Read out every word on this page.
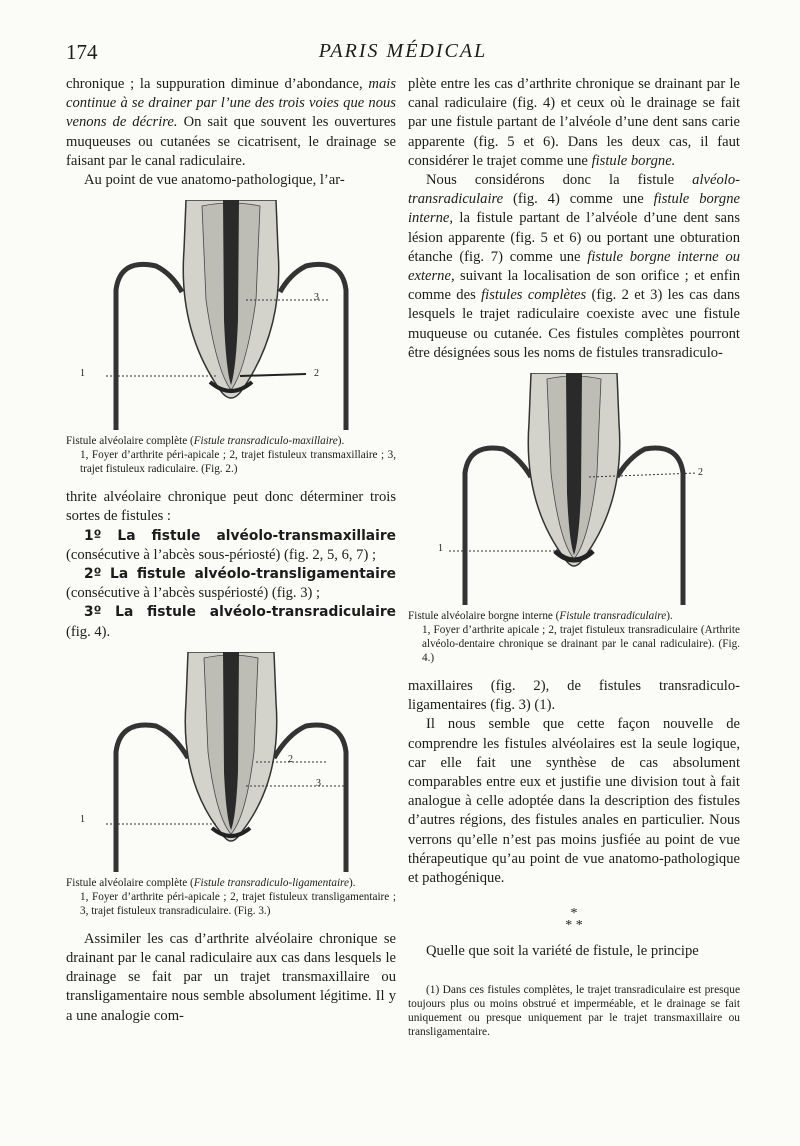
174	PARIS MÉDICAL

chronique ; la suppuration diminue d’abondance, mais continue à se drainer par l’une des trois voies que nous venons de décrire. On sait que souvent les ouvertures muqueuses ou cutanées se cicatrisent, le drainage se faisant par le canal radiculaire.

Au point de vue anatomo-pathologique, l’ar-

1	2
3
Fistule alvéolaire complète (Fistule transradiculo-maxillaire).
1, Foyer d’arthrite péri-apicale ; 2, trajet fistuleux transmaxillaire ; 3, trajet fistuleux radiculaire. (Fig. 2.)

thrite alvéolaire chronique peut donc déterminer trois sortes de fistules :

1º La fistule alvéolo-transmaxillaire (consécutive à l’abcès sous-périosté) (fig. 2, 5, 6, 7) ;

2º La fistule alvéolo-transligamentaire (consécutive à l’abcès suspériosté) (fig. 3) ;

3º La fistule alvéolo-transradiculaire (fig. 4).

1
2
3
Fistule alvéolaire complète (Fistule transradiculo-ligamentaire).
1, Foyer d’arthrite péri-apicale ; 2, trajet fistuleux transligamentaire ; 3, trajet fistuleux transradiculaire. (Fig. 3.)

Assimiler les cas d’arthrite alvéolaire chronique se drainant par le canal radiculaire aux cas dans lesquels le drainage se fait par un trajet transmaxillaire ou transligamentaire nous semble absolument légitime. Il y a une analogie com-

plète entre les cas d’arthrite chronique se drainant par le canal radiculaire (fig. 4) et ceux où le drainage se fait par une fistule partant de l’alvéole d’une dent sans carie apparente (fig. 5 et 6). Dans les deux cas, il faut considérer le trajet comme une fistule borgne.

Nous considérons donc la fistule alvéolo-transradiculaire (fig. 4) comme une fistule borgne interne, la fistule partant de l’alvéole d’une dent sans lésion apparente (fig. 5 et 6) ou portant une obturation étanche (fig. 7) comme une fistule borgne interne ou externe, suivant la localisation de son orifice ; et enfin comme des fistules complètes (fig. 2 et 3) les cas dans lesquels le trajet radiculaire coexiste avec une fistule muqueuse ou cutanée. Ces fistules complètes pourront être désignées sous les noms de fistules transradiculo-

1
2
Fistule alvéolaire borgne interne (Fistule transradiculaire).
1, Foyer d’arthrite apicale ; 2, trajet fistuleux transradiculaire (Arthrite alvéolo-dentaire chronique se drainant par le canal radiculaire). (Fig. 4.)

maxillaires (fig. 2), de fistules transradiculo-ligamentaires (fig. 3) (1).

Il nous semble que cette façon nouvelle de comprendre les fistules alvéolaires est la seule logique, car elle fait une synthèse de cas absolument comparables entre eux et justifie une division tout à fait analogue à celle adoptée dans la description des fistules d’autres régions, des fistules anales en particulier. Nous verrons qu’elle n’est pas moins jusfiée au point de vue thérapeutique qu’au point de vue anatomo-pathologique et pathogénique.

*
* *

Quelle que soit la variété de fistule, le principe

(1) Dans ces fistules complètes, le trajet transradiculaire est presque toujours plus ou moins obstrué et imperméable, et le drainage se fait uniquement ou presque uniquement par le trajet transmaxillaire ou transligamentaire.
